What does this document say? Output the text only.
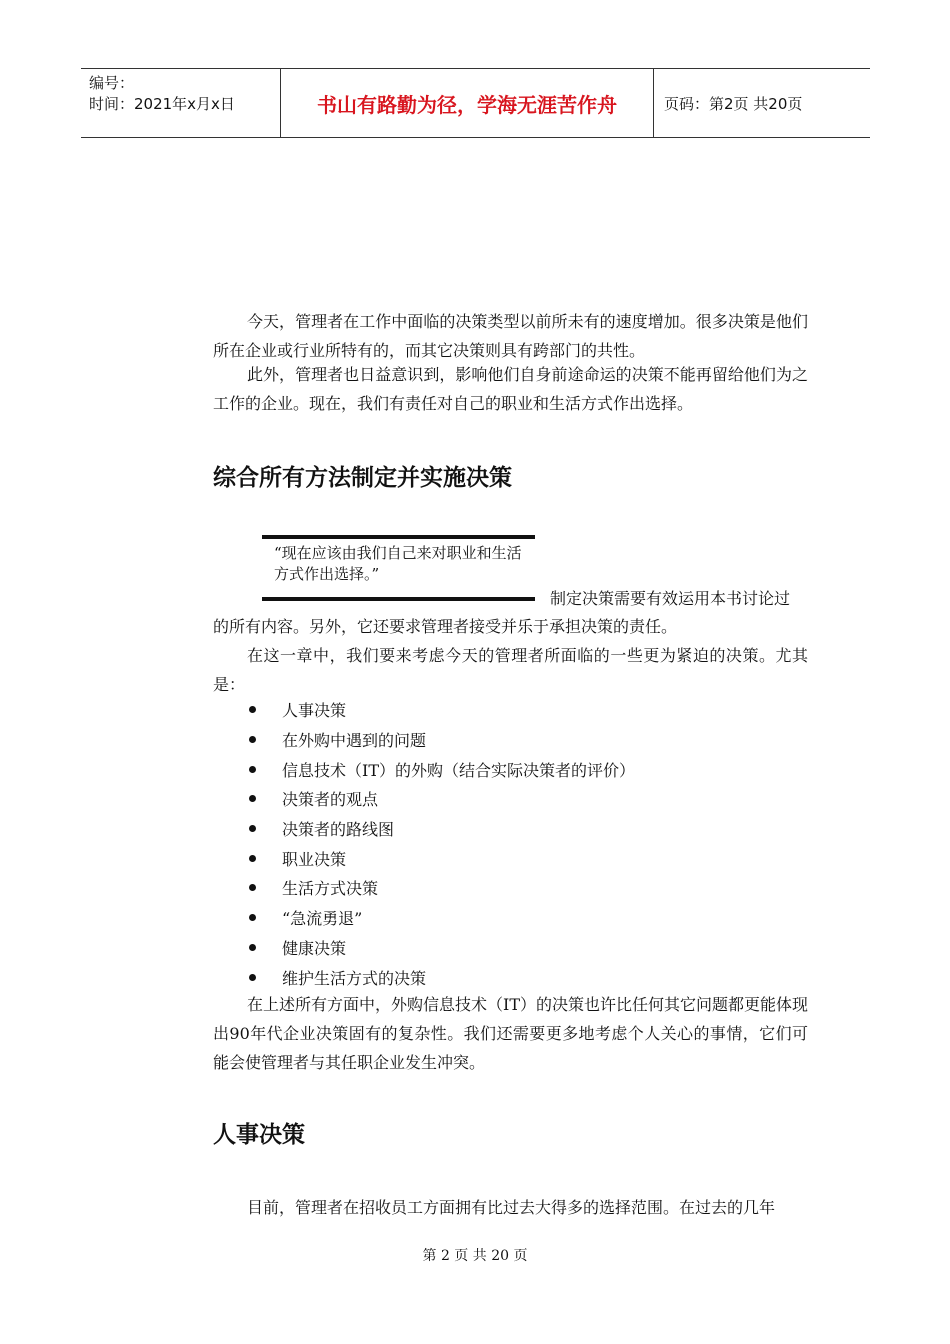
编号：
时间：2021年x月x日	书山有路勤为径，学海无涯苦作舟	页码：第2页 共20页

今天，管理者在工作中面临的决策类型以前所未有的速度增加。很多决策是他们所在企业或行业所特有的，而其它决策则具有跨部门的共性。

此外，管理者也日益意识到，影响他们自身前途命运的决策不能再留给他们为之工作的企业。现在，我们有责任对自己的职业和生活方式作出选择。

综合所有方法制定并实施决策

“现在应该由我们自己来对职业和生活方式作出选择。”

制定决策需要有效运用本书讨论过

的所有内容。另外，它还要求管理者接受并乐于承担决策的责任。

在这一章中，我们要来考虑今天的管理者所面临的一些更为紧迫的决策。尤其是：

人事决策
在外购中遇到的问题
信息技术（IT）的外购（结合实际决策者的评价）
决策者的观点
决策者的路线图
职业决策
生活方式决策
“急流勇退”
健康决策
维护生活方式的决策

在上述所有方面中，外购信息技术（IT）的决策也许比任何其它问题都更能体现出90年代企业决策固有的复杂性。我们还需要更多地考虑个人关心的事情，它们可能会使管理者与其任职企业发生冲突。

人事决策

目前，管理者在招收员工方面拥有比过去大得多的选择范围。在过去的几年

第 2 页 共 20 页
